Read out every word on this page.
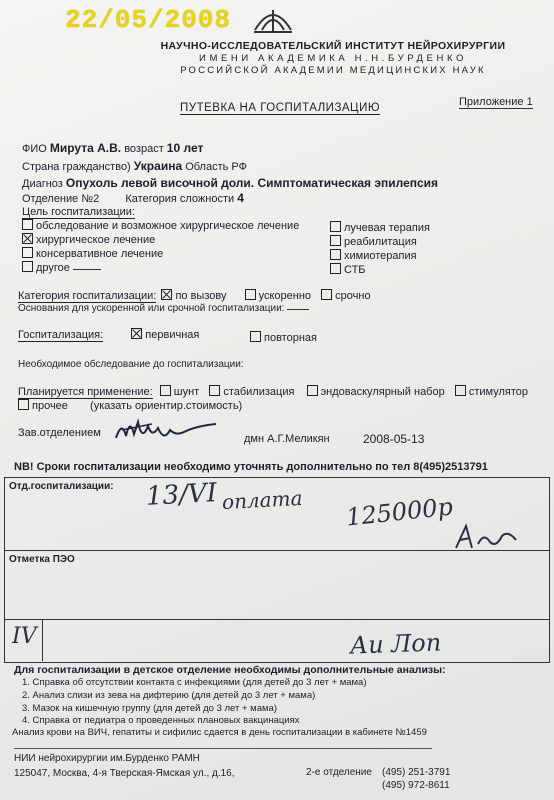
22/05/2008
НАУЧНО-ИССЛЕДОВАТЕЛЬСКИЙ ИНСТИТУТ НЕЙРОХИРУРГИИ
ИМЕНИ АКАДЕМИКА Н.Н.БУРДЕНКО
РОССИЙСКОЙ АКАДЕМИИ МЕДИЦИНСКИХ НАУК
Приложение 1
ПУТЕВКА НА ГОСПИТАЛИЗАЦИЮ
ФИО Мирута А.В. возраст 10 лет
Страна гражданство) Украина Область РФ
Диагноз Опухоль левой височной доли. Симптоматическая эпилепсия
Отделение №2 Категория сложности 4
Цель госпитализации:
обследование и возможное хирургическое лечение
хирургическое лечение
консервативное лечение
другое
лучевая терапия
реабилитация
химиотерапия
СТБ
Категория госпитализации: по вызову	ускоренно срочно
Основания для ускоренной или срочной госпитализации:
Госпитализация:	первичная	повторная
Необходимое обследование до госпитализации:
Планируется применение: шунт стабилизация эндоваскулярный набор стимулятор
прочее (указать ориентир.стоимость)
Зав.отделением	дмн А.Г.Меликян	2008-05-13
NB! Сроки госпитализации необходимо уточнять дополнительно по тел 8(495)2513791
Отд.госпитализации: 13/VI оплата 125000р
Отметка ПЭО
IV	Аи Лоп
Для госпитализации в детское отделение необходимы дополнительные анализы:
1. Справка об отсутствии контакта с инфекциями (для детей до 3 лет + мама)
2. Анализ слизи из зева на дифтерию (для детей до 3 лет + мама)
3. Мазок на кишечную группу (для детей до 3 лет + мама)
4. Справка от педиатра о проведенных плановых вакцинациях
Анализ крови на ВИЧ, гепатиты и сифилис сдается в день госпитализации в кабинете №1459
НИИ нейрохирургии им.Бурденко РАМН
125047, Москва, 4-я Тверская-Ямская ул., д.16,	2-е отделение (495) 251-3791
(495) 972-8611
